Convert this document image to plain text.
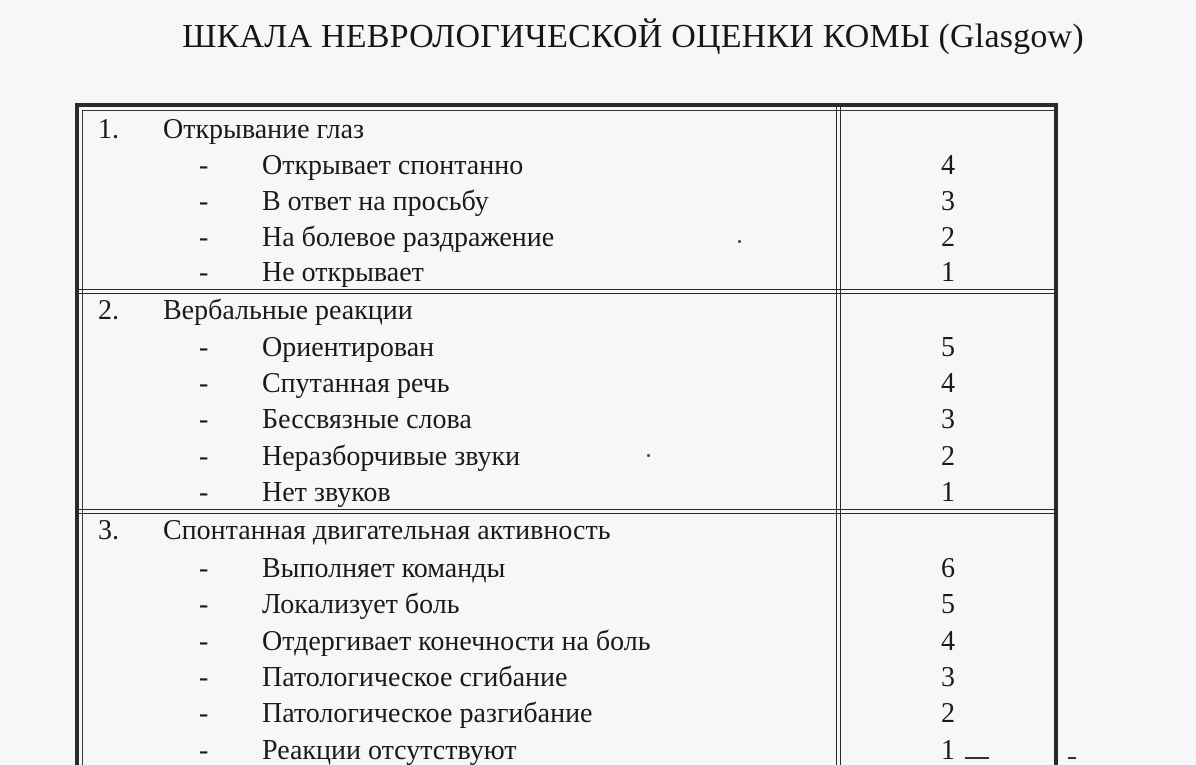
ШКАЛА НЕВРОЛОГИЧЕСКОЙ ОЦЕНКИ КОМЫ (Glasgow)
1. Открывание глаз
- Открывает спонтанно	4
- В ответ на просьбу	3
- На болевое раздражение	2
- Не открывает	1
2. Вербальные реакции
- Ориентирован	5
- Спутанная речь	4
- Бессвязные слова	3
- Неразборчивые звуки	2
- Нет звуков	1
3. Спонтанная двигательная активность
- Выполняет команды	6
- Локализует боль	5
- Отдергивает конечности на боль	4
- Патологическое сгибание	3
- Патологическое разгибание	2
- Реакции отсутствуют	1
